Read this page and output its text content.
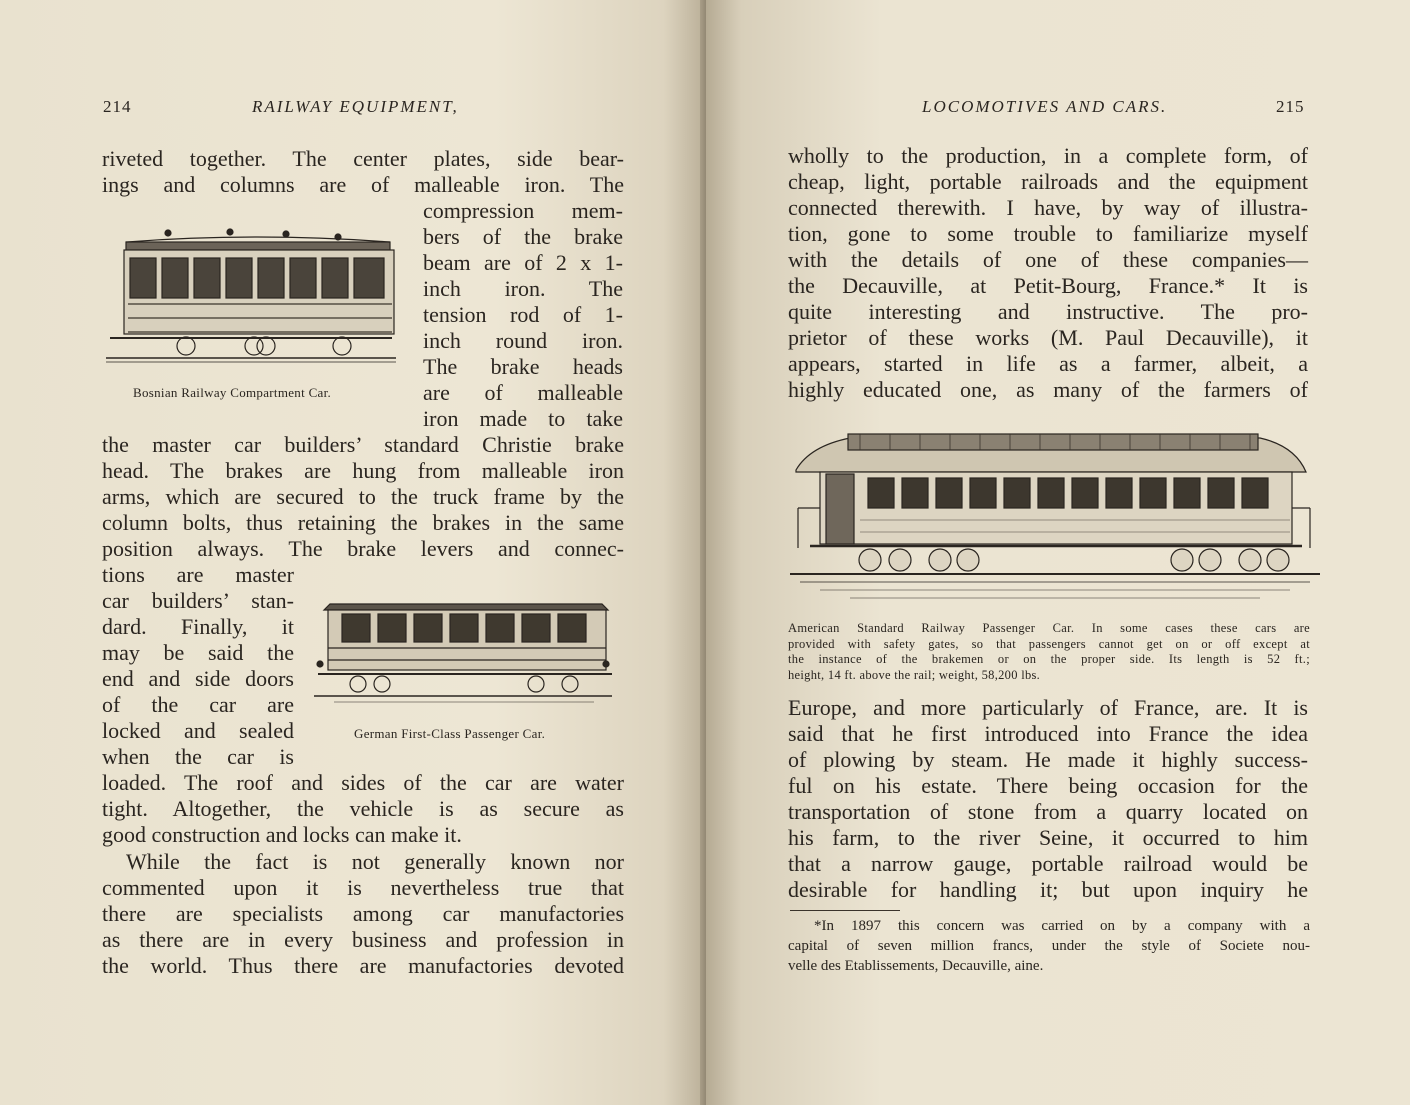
214	RAILWAY EQUIPMENT,
riveted together. The center plates, side bear-
ings and columns are of malleable iron. The
Bosnian Railway Compartment Car.
compression mem-
bers of the brake
beam are of 2 x 1-
inch iron. The
tension rod of 1-
inch round iron.
The brake heads
are of malleable
iron made to take
the master car builders’ standard Christie brake
head. The brakes are hung from malleable iron
arms, which are secured to the truck frame by the
column bolts, thus retaining the brakes in the same
position always. The brake levers and connec-
tions are master
car builders’ stan-
dard. Finally, it
may be said the
end and side doors
of the car are
locked and sealed
when the car is
German First-Class Passenger Car.
loaded. The roof and sides of the car are water
tight. Altogether, the vehicle is as secure as
good construction and locks can make it.
While the fact is not generally known nor
commented upon it is nevertheless true that
there are specialists among car manufactories
as there are in every business and profession in
the world. Thus there are manufactories devoted
LOCOMOTIVES AND CARS.	215
wholly to the production, in a complete form, of
cheap, light, portable railroads and the equipment
connected therewith. I have, by way of illustra-
tion, gone to some trouble to familiarize myself
with the details of one of these companies—
the Decauville, at Petit-Bourg, France.* It is
quite interesting and instructive. The pro-
prietor of these works (M. Paul Decauville), it
appears, started in life as a farmer, albeit, a
highly educated one, as many of the farmers of
American Standard Railway Passenger Car. In some cases these cars are
provided with safety gates, so that passengers cannot get on or off except at
the instance of the brakemen or on the proper side. Its length is 52 ft.;
height, 14 ft. above the rail; weight, 58,200 lbs.
Europe, and more particularly of France, are. It is
said that he first introduced into France the idea
of plowing by steam. He made it highly success-
ful on his estate. There being occasion for the
transportation of stone from a quarry located on
his farm, to the river Seine, it occurred to him
that a narrow gauge, portable railroad would be
desirable for handling it; but upon inquiry he
*In 1897 this concern was carried on by a company with a
capital of seven million francs, under the style of Societe nou-
velle des Etablissements, Decauville, aine.
